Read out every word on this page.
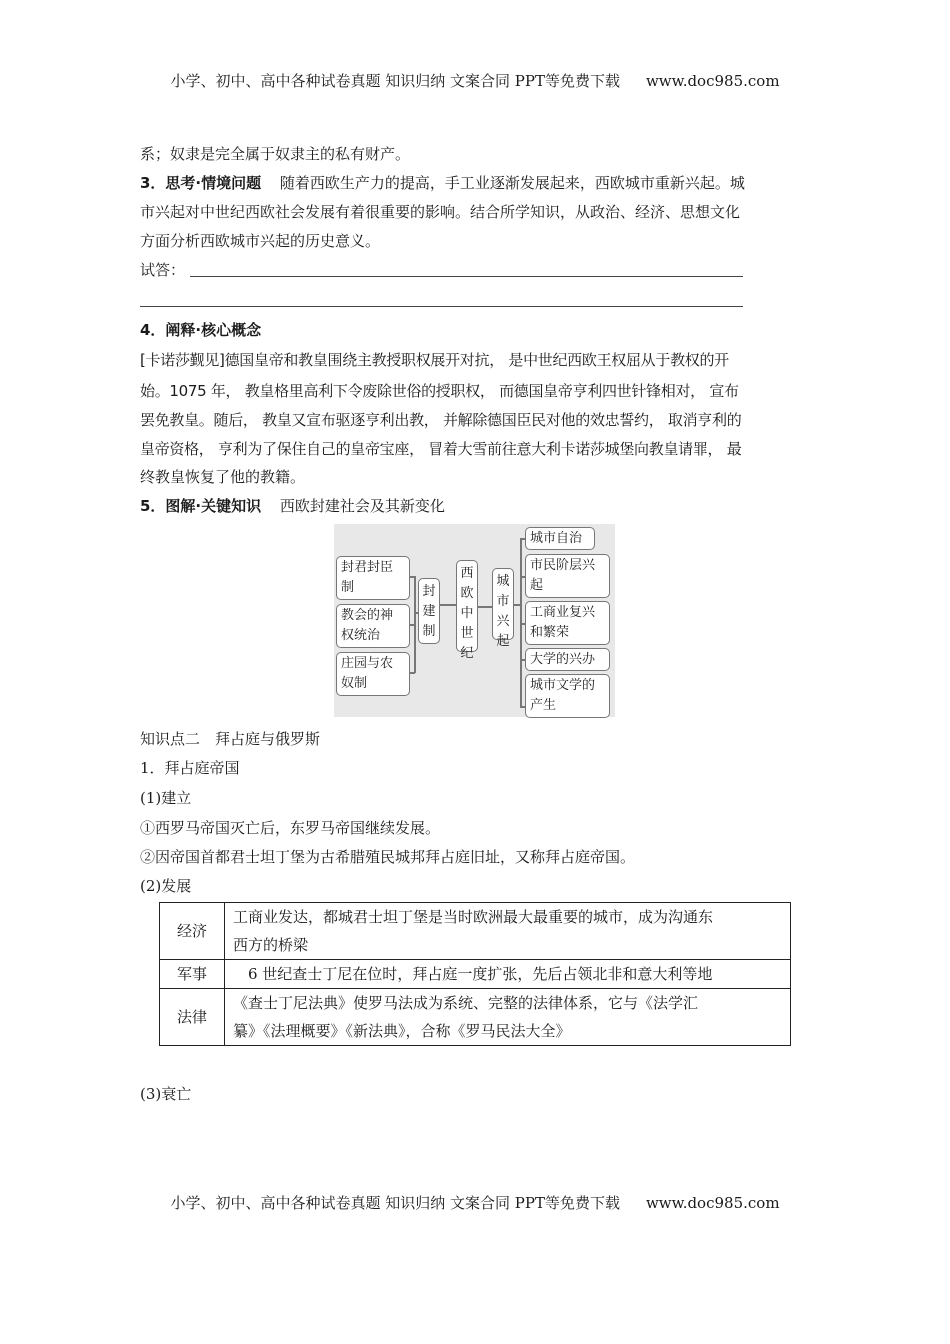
小学、初中、高中各种试卷真题 知识归纳 文案合同 PPT等免费下载 www.doc985.com
系；奴隶是完全属于奴隶主的私有财产。
3．思考·情境问题 随着西欧生产力的提高，手工业逐渐发展起来，西欧城市重新兴起。城
市兴起对中世纪西欧社会发展有着很重要的影响。结合所学知识，从政治、经济、思想文化
方面分析西欧城市兴起的历史意义。
试答：
4．阐释·核心概念
[卡诺莎觐见]德国皇帝和教皇围绕主教授职权展开对抗， 是中世纪西欧王权屈从于教权的开
始。1075 年， 教皇格里高利下令废除世俗的授职权， 而德国皇帝亨利四世针锋相对， 宣布
罢免教皇。随后， 教皇又宣布驱逐亨利出教， 并解除德国臣民对他的效忠誓约， 取消亨利的
皇帝资格， 亨利为了保住自己的皇帝宝座， 冒着大雪前往意大利卡诺莎城堡向教皇请罪， 最
终教皇恢复了他的教籍。
5．图解·关键知识 西欧封建社会及其新变化
封君封臣制
教会的神权统治
庄园与农奴制
封建制
西欧中世纪
城市兴起
城市自治
市民阶层兴起
工商业复兴和繁荣
大学的兴办
城市文学的产生
知识点二　拜占庭与俄罗斯
1．拜占庭帝国
(1)建立
①西罗马帝国灭亡后，东罗马帝国继续发展。
②因帝国首都君士坦丁堡为古希腊殖民城邦拜占庭旧址，又称拜占庭帝国。
(2)发展
经济	工商业发达，都城君士坦丁堡是当时欧洲最大最重要的城市，成为沟通东
西方的桥梁
军事	　6 世纪查士丁尼在位时，拜占庭一度扩张，先后占领北非和意大利等地
法律	《查士丁尼法典》使罗马法成为系统、完整的法律体系，它与《法学汇
纂》《法理概要》《新法典》，合称《罗马民法大全》
(3)衰亡
小学、初中、高中各种试卷真题 知识归纳 文案合同 PPT等免费下载 www.doc985.com
